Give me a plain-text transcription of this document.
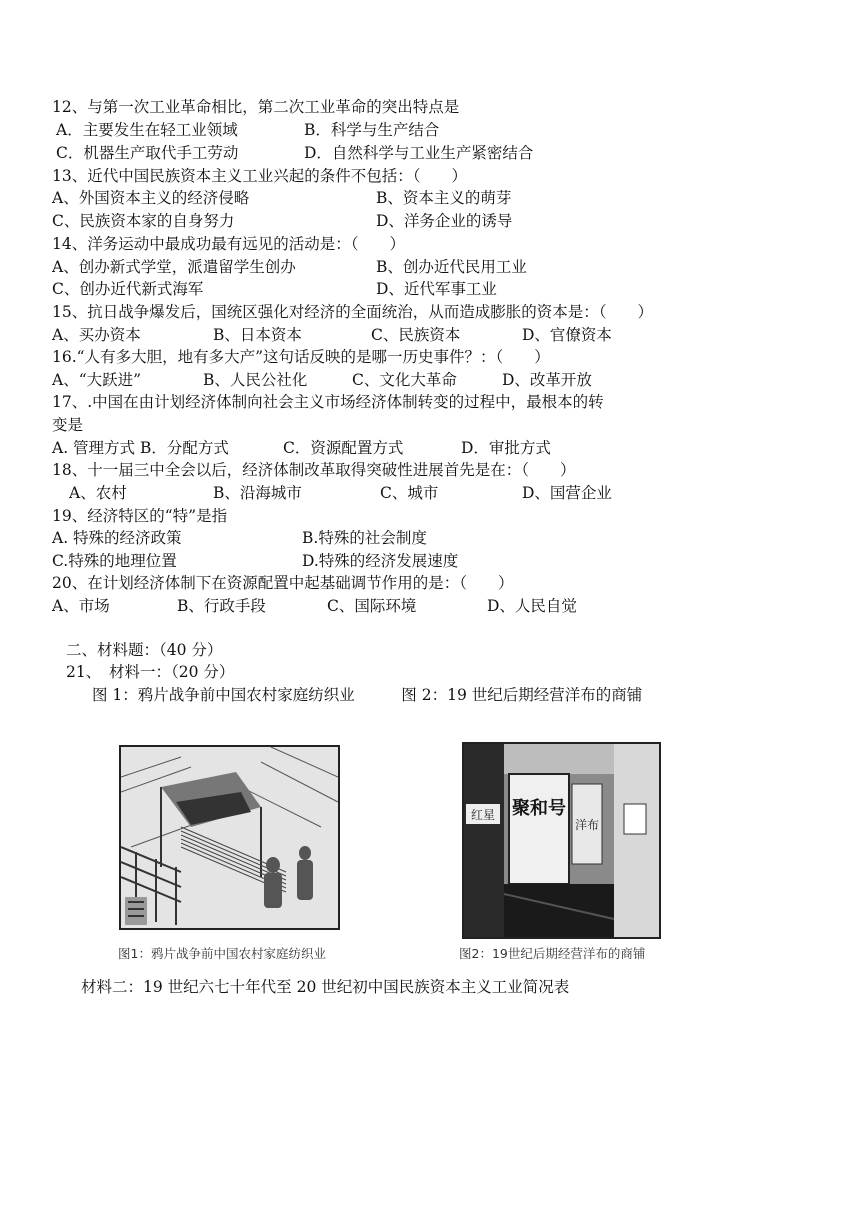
12、与第一次工业革命相比，第二次工业革命的突出特点是
A．主要发生在轻工业领域	B．科学与生产结合
C．机器生产取代手工劳动	D．自然科学与工业生产紧密结合
13、近代中国民族资本主义工业兴起的条件不包括：（　　）
A、外国资本主义的经济侵略	B、资本主义的萌芽
C、民族资本家的自身努力	D、洋务企业的诱导
14、洋务运动中最成功最有远见的活动是：（　　）
A、创办新式学堂，派遣留学生创办	B、创办近代民用工业
C、创办近代新式海军	D、近代军事工业
15、抗日战争爆发后，国统区强化对经济的全面统治，从而造成膨胀的资本是：（　　）
A、买办资本	B、日本资本	C、民族资本	D、官僚资本
16.“人有多大胆，地有多大产”这句话反映的是哪一历史事件？：（　　）
A、“大跃进”	B、人民公社化	C、文化大革命	D、改革开放
17、.中国在由计划经济体制向社会主义市场经济体制转变的过程中，最根本的转
变是
A. 管理方式 B．分配方式	C．资源配置方式	D．审批方式
18、十一届三中全会以后，经济体制改革取得突破性进展首先是在：（　　）
A、农村	B、沿海城市	C、城市	D、国营企业
19、经济特区的“特”是指
A. 特殊的经济政策	B.特殊的社会制度
C.特殊的地理位置	D.特殊的经济发展速度
20、在计划经济体制下在资源配置中起基础调节作用的是：（　　）
A、市场	B、行政手段	C、国际环境	D、人民自觉
二、材料题：（40 分）
21、　材料一：（20 分）
图 1：鸦片战争前中国农村家庭纺织业　　　图 2：19 世纪后期经营洋布的商铺
图1：鸦片战争前中国农村家庭纺织业
聚和号
洋布
红星
图2：19世纪后期经营洋布的商铺
材料二：19 世纪六七十年代至 20 世纪初中国民族资本主义工业简况表
